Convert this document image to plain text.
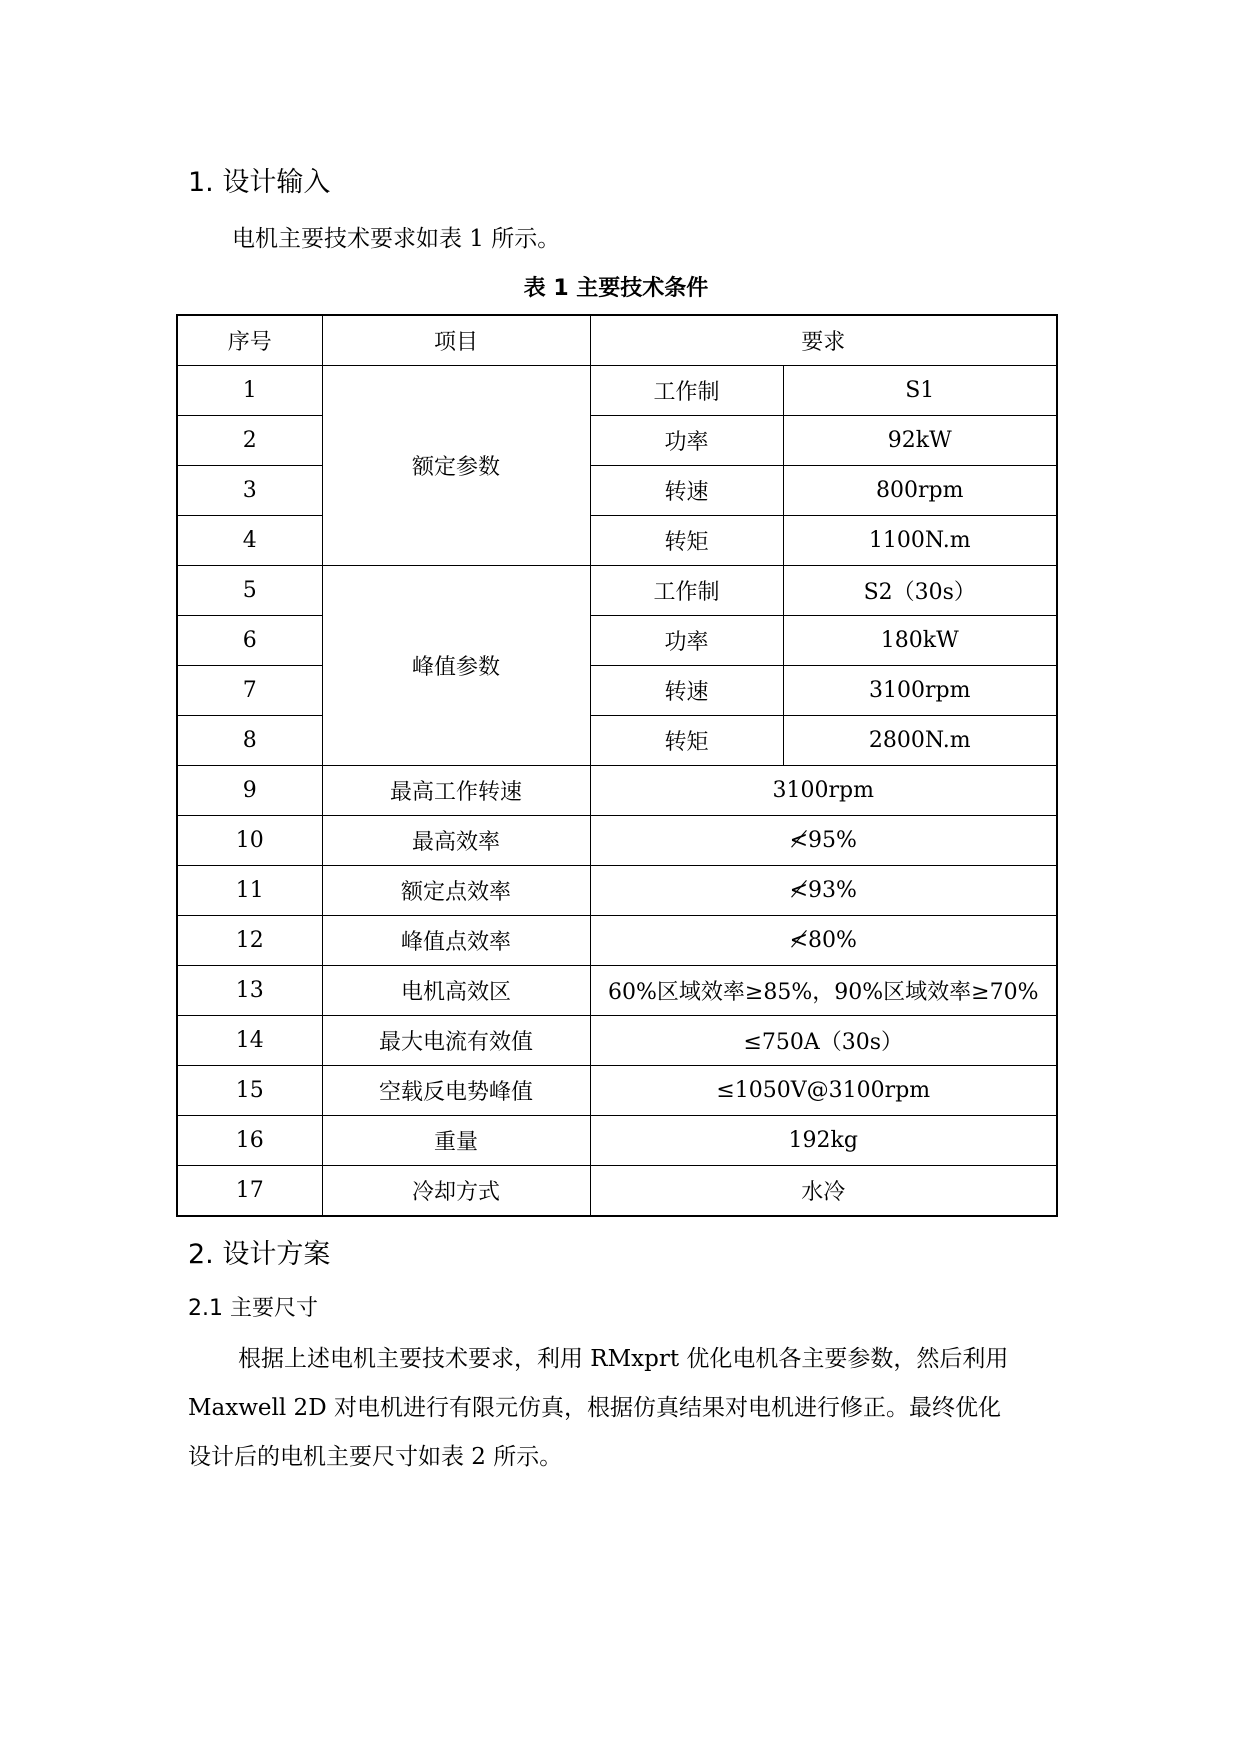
1. 设计输入
电机主要技术要求如表 1 所示。
表 1 主要技术条件
序号	项目	要求	
1	额定参数	工作制	S1
2		功率	92kW
3		转速	800rpm
4		转矩	1100N.m
5	峰值参数	工作制	S2（30s）
6		功率	180kW
7		转速	3100rpm
8		转矩	2800N.m
9	最高工作转速	3100rpm	
10	最高效率	≮95%	
11	额定点效率	≮93%	
12	峰值点效率	≮80%	
13	电机高效区	60%区域效率≥85%，90%区域效率≥70%	
14	最大电流有效值	≤750A（30s）	
15	空载反电势峰值	≤1050V@3100rpm	
16	重量	192kg	
17	冷却方式	水冷	
2. 设计方案
2.1 主要尺寸
根据上述电机主要技术要求，利用 RMxprt 优化电机各主要参数，然后利用
Maxwell 2D 对电机进行有限元仿真，根据仿真结果对电机进行修正。最终优化
设计后的电机主要尺寸如表 2 所示。
